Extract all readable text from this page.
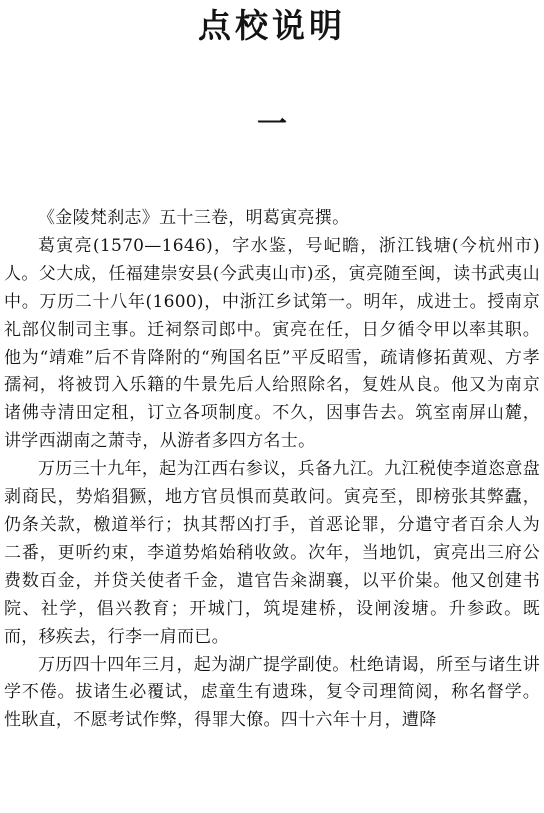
点校说明
一

《金陵梵刹志》五十三卷，明葛寅亮撰。

葛寅亮(1570—1646)，字水鉴，号屺瞻，浙江钱塘(今杭州市)人。父大成，任福建崇安县(今武夷山市)丞，寅亮随至闽，读书武夷山中。万历二十八年(1600)，中浙江乡试第一。明年，成进士。授南京礼部仪制司主事。迁祠祭司郎中。寅亮在任，日夕循令甲以率其职。他为“靖难”后不肯降附的“殉国名臣”平反昭雪，疏请修拓黄观、方孝孺祠，将被罚入乐籍的牛景先后人给照除名，复姓从良。他又为南京诸佛寺清田定租，订立各项制度。不久，因事告去。筑室南屏山麓，讲学西湖南之萧寺，从游者多四方名士。

万历三十九年，起为江西右参议，兵备九江。九江税使李道恣意盘剥商民，势焰猖獗，地方官员惧而莫敢问。寅亮至，即榜张其弊蠹，仍条关款，檄道举行；执其帮凶打手，首恶论罪，分遣守者百余人为二番，更听约束，李道势焰始稍收敛。次年，当地饥，寅亮出三府公费数百金，并贷关使者千金，遣官告籴湖襄，以平价粜。他又创建书院、社学，倡兴教育；开城门，筑堤建桥，设闸浚塘。升参政。既而，移疾去，行李一肩而已。

万历四十四年三月，起为湖广提学副使。杜绝请谒，所至与诸生讲学不倦。拔诸生必覆试，虑童生有遗珠，复令司理简阅，称名督学。性耿直，不愿考试作弊，得罪大僚。四十六年十月，遭降
